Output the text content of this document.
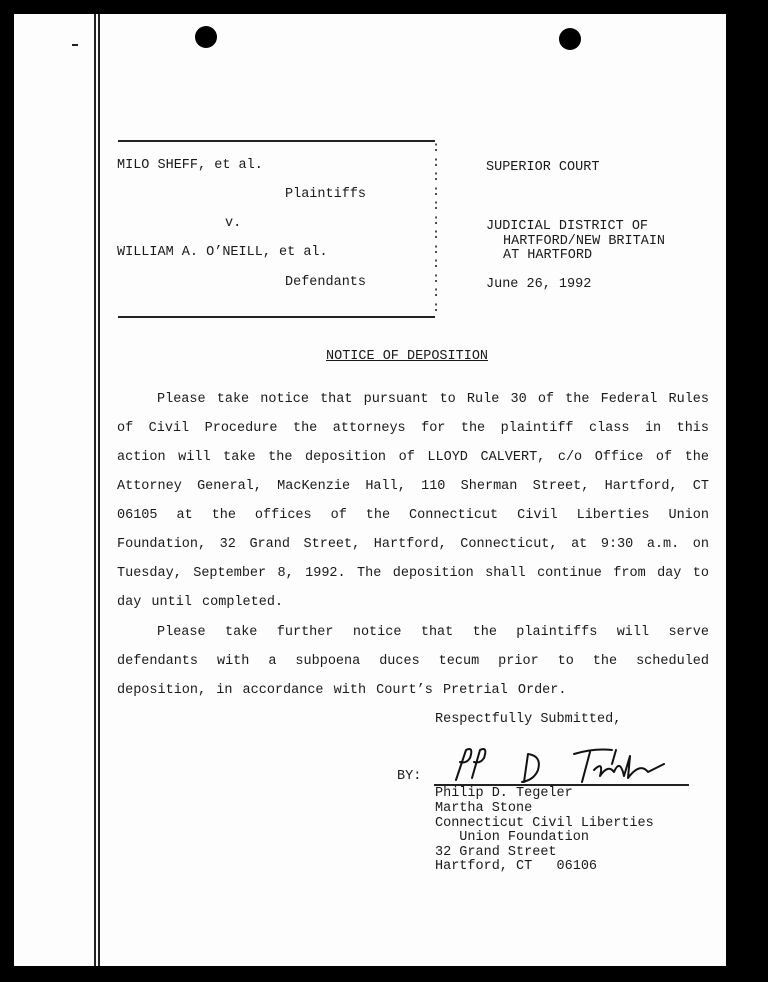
:
:
:
:
:
:
:
:
:
:
:
:
MILO SHEFF, et al.
Plaintiffs
v.
WILLIAM A. O’NEILL, et al.
Defendants
SUPERIOR COURT
JUDICIAL DISTRICT OF
HARTFORD/NEW BRITAIN
AT HARTFORD
June 26, 1992
NOTICE OF DEPOSITION
Please take notice that pursuant to Rule 30 of the Federal Rules of Civil Procedure the attorneys for the plaintiff class in this action will take the deposition of LLOYD CALVERT, c/o Office of the Attorney General, MacKenzie Hall, 110 Sherman Street, Hartford, CT 06105 at the offices of the Connecticut Civil Liberties Union Foundation, 32 Grand Street, Hartford, Connecticut, at 9:30 a.m. on Tuesday, September 8, 1992. The deposition shall continue from day to day until completed.
Please take further notice that the plaintiffs will serve defendants with a subpoena duces tecum prior to the scheduled deposition, in accordance with Court’s Pretrial Order.
Respectfully Submitted,
BY:
Philip D. Tegeler
Martha Stone
Connecticut Civil Liberties
Union Foundation
32 Grand Street
Hartford, CT   06106
